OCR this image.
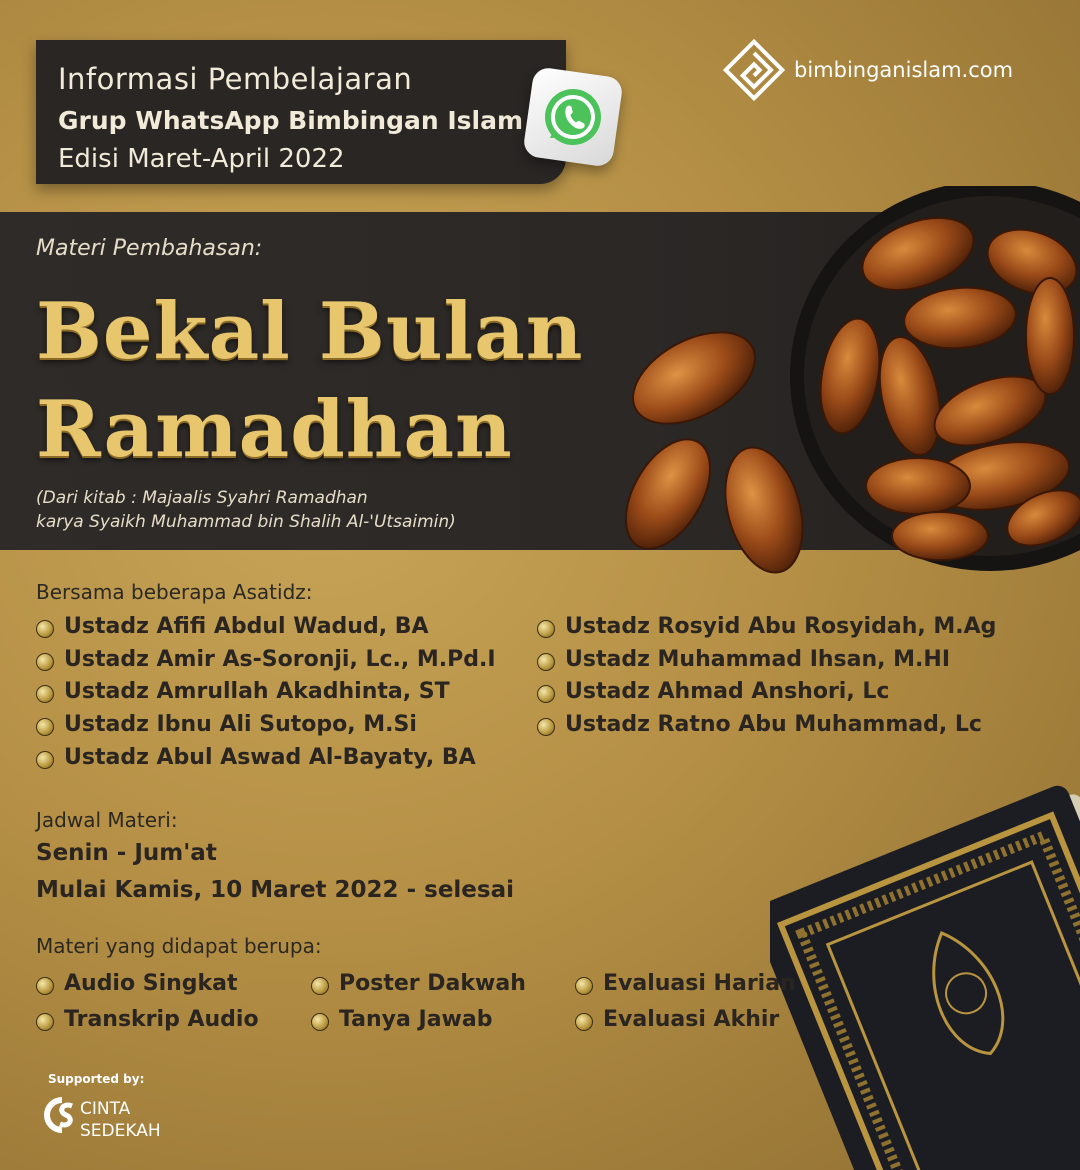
Informasi Pembelajaran
Grup WhatsApp Bimbingan Islam
Edisi Maret-April 2022
bimbinganislam.com
Materi Pembahasan:
Bekal Bulan
Ramadhan
(Dari kitab : Majaalis Syahri Ramadhan
karya Syaikh Muhammad bin Shalih Al-'Utsaimin)
Bersama beberapa Asatidz:
Ustadz Afifi Abdul Wadud, BA
Ustadz Amir As-Soronji, Lc., M.Pd.I
Ustadz Amrullah Akadhinta, ST
Ustadz Ibnu Ali Sutopo, M.Si
Ustadz Abul Aswad Al-Bayaty, BA
Ustadz Rosyid Abu Rosyidah, M.Ag
Ustadz Muhammad Ihsan, M.HI
Ustadz Ahmad Anshori, Lc
Ustadz Ratno Abu Muhammad, Lc
Jadwal Materi:
Senin - Jum'at
Mulai Kamis, 10 Maret 2022 - selesai
Materi yang didapat berupa:
Audio Singkat
Transkrip Audio
Poster Dakwah
Tanya Jawab
Evaluasi Harian
Evaluasi Akhir
Supported by:
CINTA
SEDEKAH
